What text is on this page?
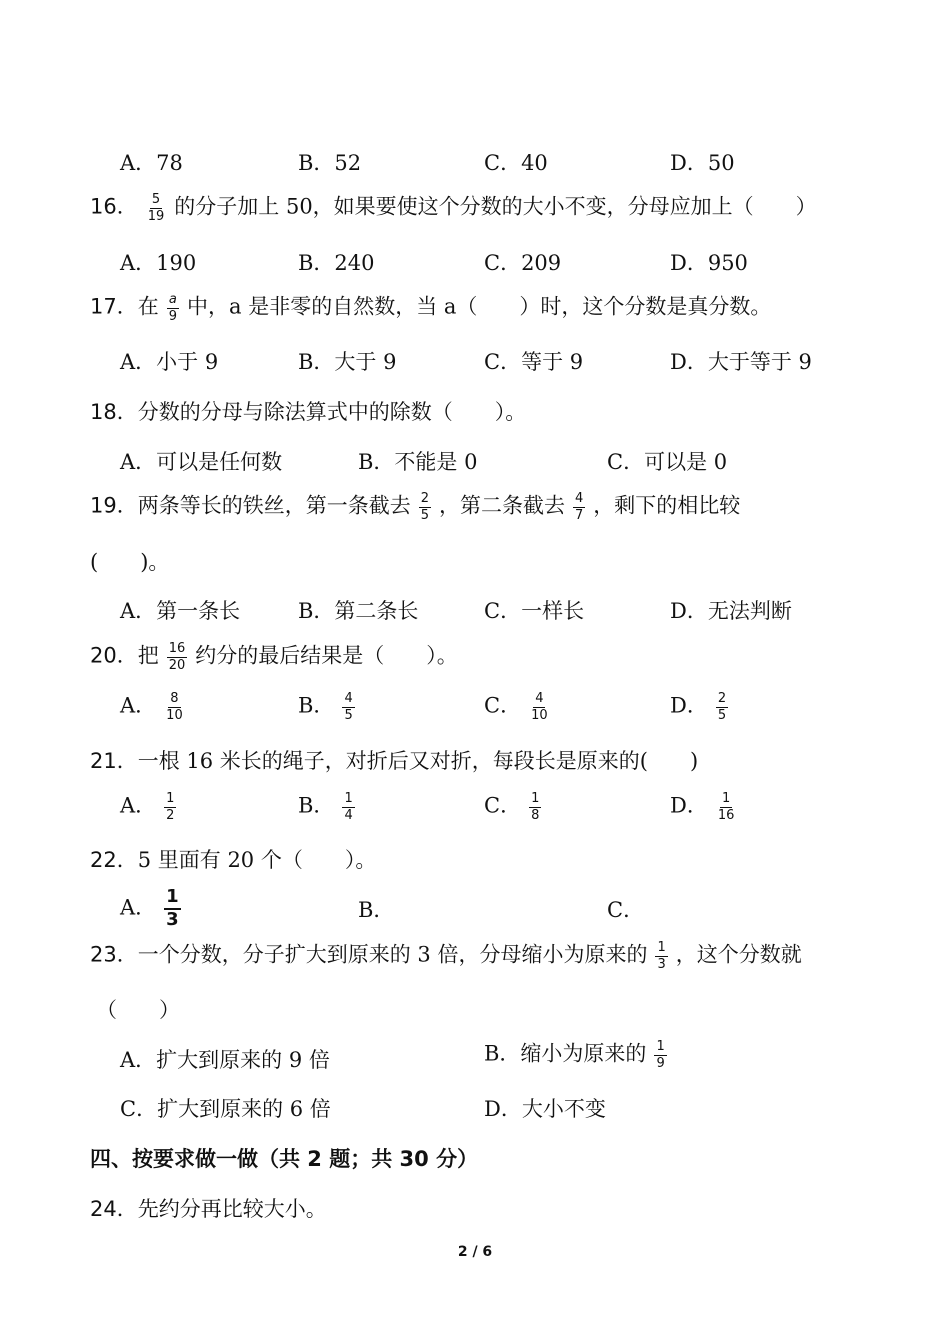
A．78	B．52	C．40	D．50
16． $\frac{5}{19}$ 的分子加上 50，如果要使这个分数的大小不变，分母应加上（　　）
A．190	B．240	C．209	D．950
17．在 $\frac{a}{9}$ 中，a 是非零的自然数，当 a（　　）时，这个分数是真分数。
A．小于 9	B．大于 9	C．等于 9	D．大于等于 9
18．分数的分母与除法算式中的除数（　　）。
A．可以是任何数	B．不能是 0	C．可以是 0
19．两条等长的铁丝，第一条截去 $\frac{2}{5}$ ，第二条截去 $\frac{4}{7}$ ，剩下的相比较
(　　)。
A．第一条长	B．第二条长	C．一样长	D．无法判断
20．把 $\frac{16}{20}$ 约分的最后结果是（　　）。
A． $\frac{8}{10}$	B． $\frac{4}{5}$	C． $\frac{4}{10}$	D． $\frac{2}{5}$
21．一根 16 米长的绳子，对折后又对折，每段长是原来的(　　)
A． $\frac{1}{2}$	B． $\frac{1}{4}$	C． $\frac{1}{8}$	D． $\frac{1}{16}$
22．5 里面有 20 个（　　）。
A． $\frac{1}{3}$	B．	C．
23．一个分数，分子扩大到原来的 3 倍，分母缩小为原来的 $\frac{1}{3}$ ，这个分数就
（　　）
A．扩大到原来的 9 倍	B．缩小为原来的 $\frac{1}{9}$
C．扩大到原来的 6 倍	D．大小不变
四、按要求做一做（共 2 题；共 30 分）
24．先约分再比较大小。
2 / 6
